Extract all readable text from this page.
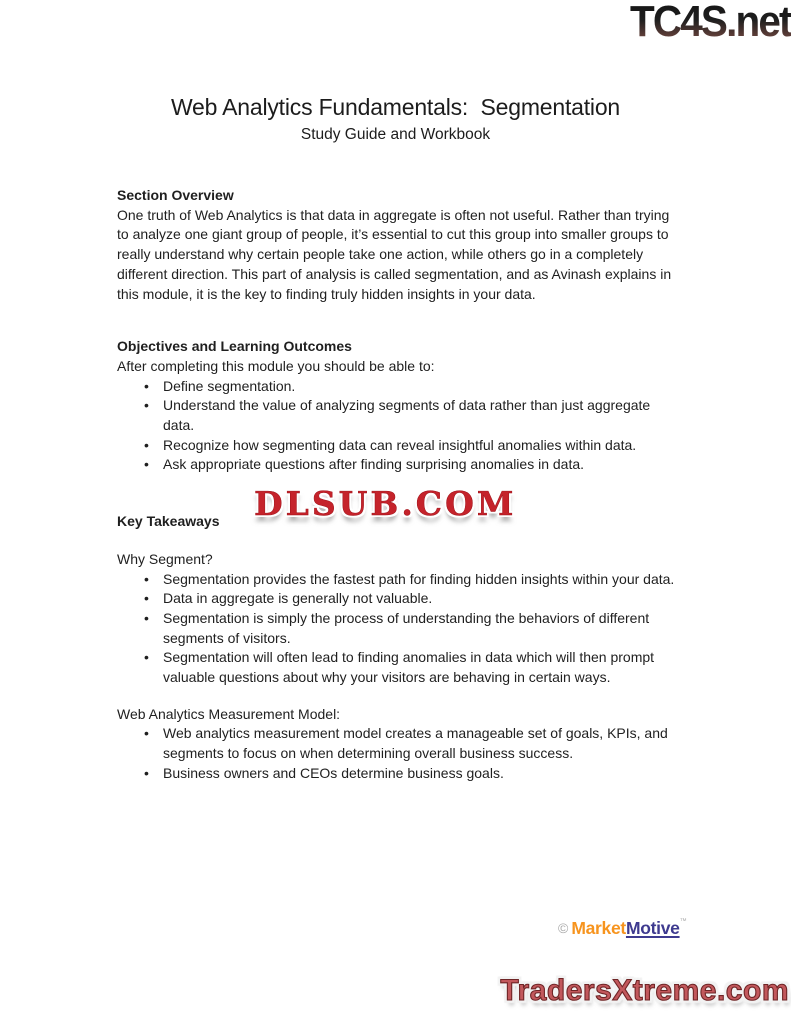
TC4S.net
DLSUB.COM
TradersXtreme.com
Web Analytics Fundamentals:  Segmentation
Study Guide and Workbook

Section Overview

One truth of Web Analytics is that data in aggregate is often not useful. Rather than trying to analyze one giant group of people, it’s essential to cut this group into smaller groups to really understand why certain people take one action, while others go in a completely different direction. This part of analysis is called segmentation, and as Avinash explains in this module, it is the key to finding truly hidden insights in your data.

Objectives and Learning Outcomes

After completing this module you should be able to:

• Define segmentation.
• Understand the value of analyzing segments of data rather than just aggregate data.
• Recognize how segmenting data can reveal insightful anomalies within data.
• Ask appropriate questions after finding surprising anomalies in data.

Key Takeaways

Why Segment?

• Segmentation provides the fastest path for finding hidden insights within your data.
• Data in aggregate is generally not valuable.
• Segmentation is simply the process of understanding the behaviors of different segments of visitors.
• Segmentation will often lead to finding anomalies in data which will then prompt valuable questions about why your visitors are behaving in certain ways.

Web Analytics Measurement Model:

• Web analytics measurement model creates a manageable set of goals, KPIs, and segments to focus on when determining overall business success.
• Business owners and CEOs determine business goals.
© MarketMotive™
